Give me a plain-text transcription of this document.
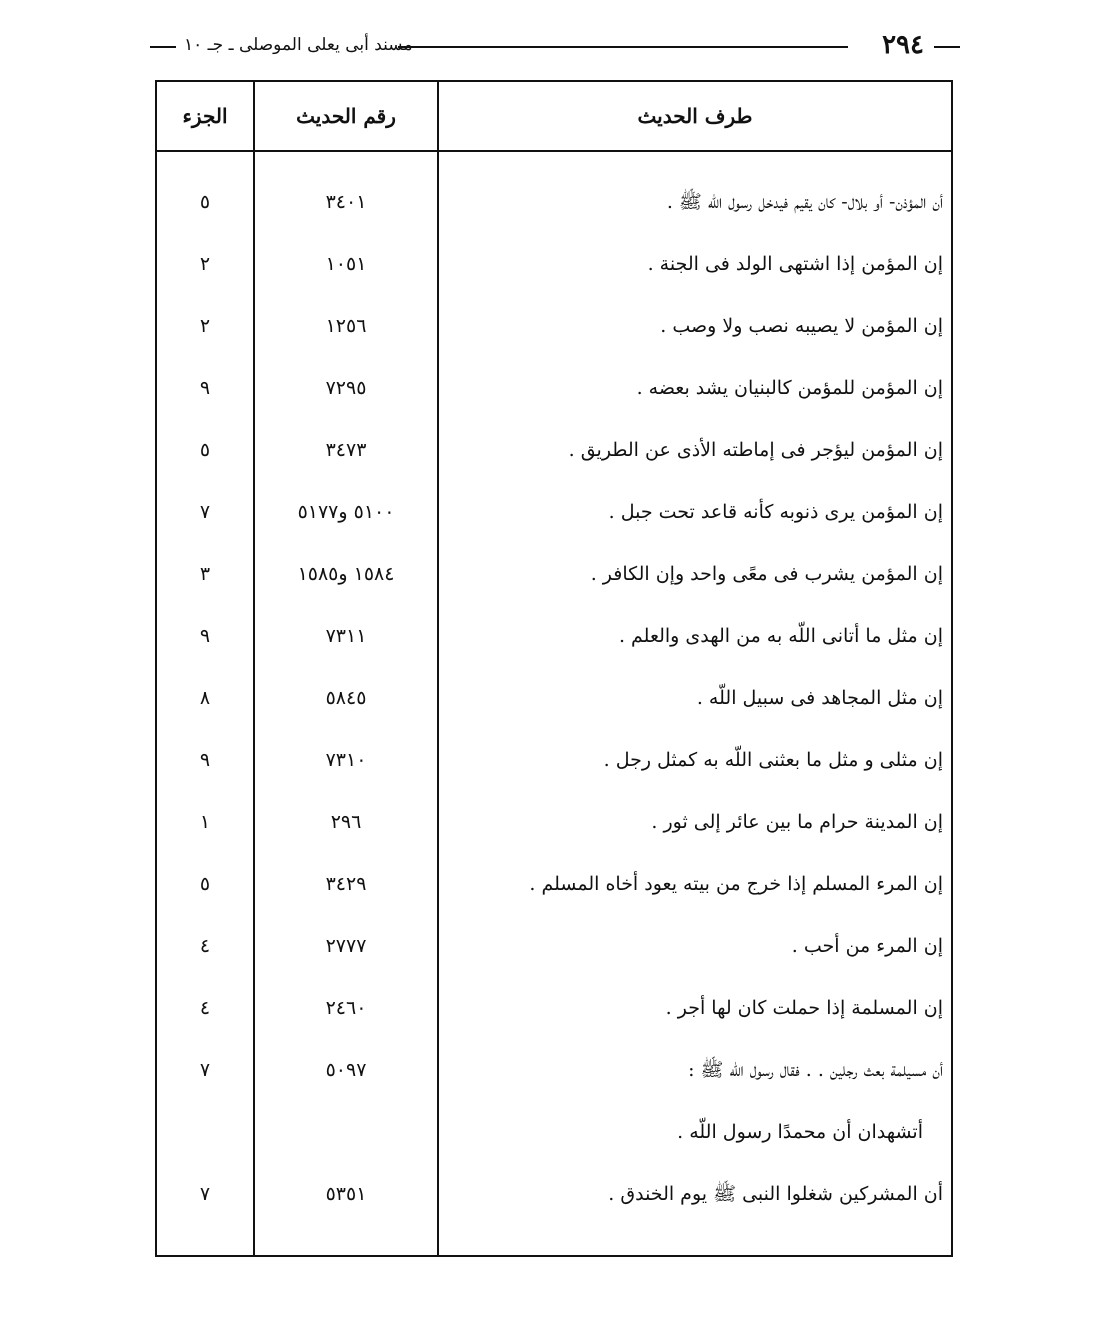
٢٩٤
مسند أبى يعلى الموصلى ـ جـ ١٠
طرف الحديث
رقم الحديث
الجزء
أن المؤذن- أو بلال- كان يقيم فيدخل رسول اللّه ﷺ .
٣٤٠١
٥
إن المؤمن إذا اشتهى الولد فى الجنة .
١٠٥١
٢
إن المؤمن لا يصيبه نصب ولا وصب .
١٢٥٦
٢
إن المؤمن للمؤمن كالبنيان يشد بعضه .
٧٢٩٥
٩
إن المؤمن ليؤجر فى إماطته الأذى عن الطريق .
٣٤٧٣
٥
إن المؤمن يرى ذنوبه كأنه قاعد تحت جبل .
٥١٠٠ و٥١٧٧
٧
إن المؤمن يشرب فى معًى واحد وإن الكافر .
١٥٨٤ و١٥٨٥
٣
إن مثل ما أتانى اللّه به من الهدى والعلم .
٧٣١١
٩
إن مثل المجاهد فى سبيل اللّه .
٥٨٤٥
٨
إن مثلى و مثل ما بعثنى اللّه به كمثل رجل .
٧٣١٠
٩
إن المدينة حرام ما بين عائر إلى ثور .
٢٩٦
١
إن المرء المسلم إذا خرج من بيته يعود أخاه المسلم .
٣٤٢٩
٥
إن المرء من أحب .
٢٧٧٧
٤
إن المسلمة إذا حملت كان لها أجر .
٢٤٦٠
٤
أن مسيلمة بعث رجلين . . فقال رسول اللّه ﷺ :
٥٠٩٧
٧
أتشهدان أن محمدًا رسول اللّه .
أن المشركين شغلوا النبى ﷺ يوم الخندق .
٥٣٥١
٧
